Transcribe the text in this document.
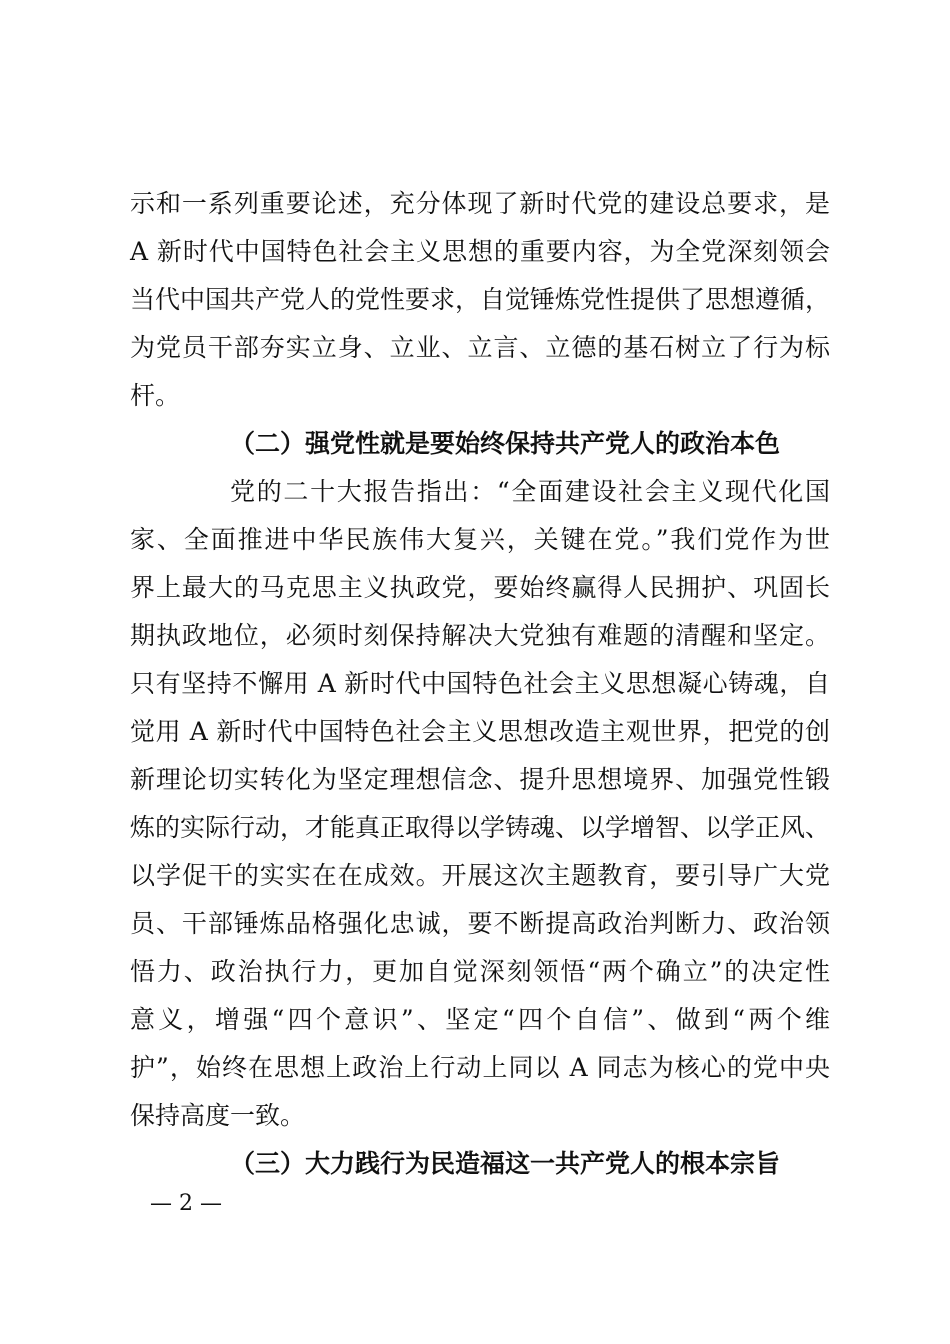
示和一系列重要论述，充分体现了新时代党的建设总要求，是
A 新时代中国特色社会主义思想的重要内容，为全党深刻领会
当代中国共产党人的党性要求，自觉锤炼党性提供了思想遵循，
为党员干部夯实立身、立业、立言、立德的基石树立了行为标
杆。
（二）强党性就是要始终保持共产党人的政治本色
党的二十大报告指出：“全面建设社会主义现代化国
家、全面推进中华民族伟大复兴，关键在党。”我们党作为世
界上最大的马克思主义执政党，要始终赢得人民拥护、巩固长
期执政地位，必须时刻保持解决大党独有难题的清醒和坚定。
只有坚持不懈用 A 新时代中国特色社会主义思想凝心铸魂，自
觉用 A 新时代中国特色社会主义思想改造主观世界，把党的创
新理论切实转化为坚定理想信念、提升思想境界、加强党性锻
炼的实际行动，才能真正取得以学铸魂、以学增智、以学正风、
以学促干的实实在在成效。开展这次主题教育，要引导广大党
员、干部锤炼品格强化忠诚，要不断提高政治判断力、政治领
悟力、政治执行力，更加自觉深刻领悟“两个确立”的决定性
意义，增强“四个意识”、坚定“四个自信”、做到“两个维
护”，始终在思想上政治上行动上同以 A 同志为核心的党中央
保持高度一致。
（三）大力践行为民造福这一共产党人的根本宗旨
— 2 —
